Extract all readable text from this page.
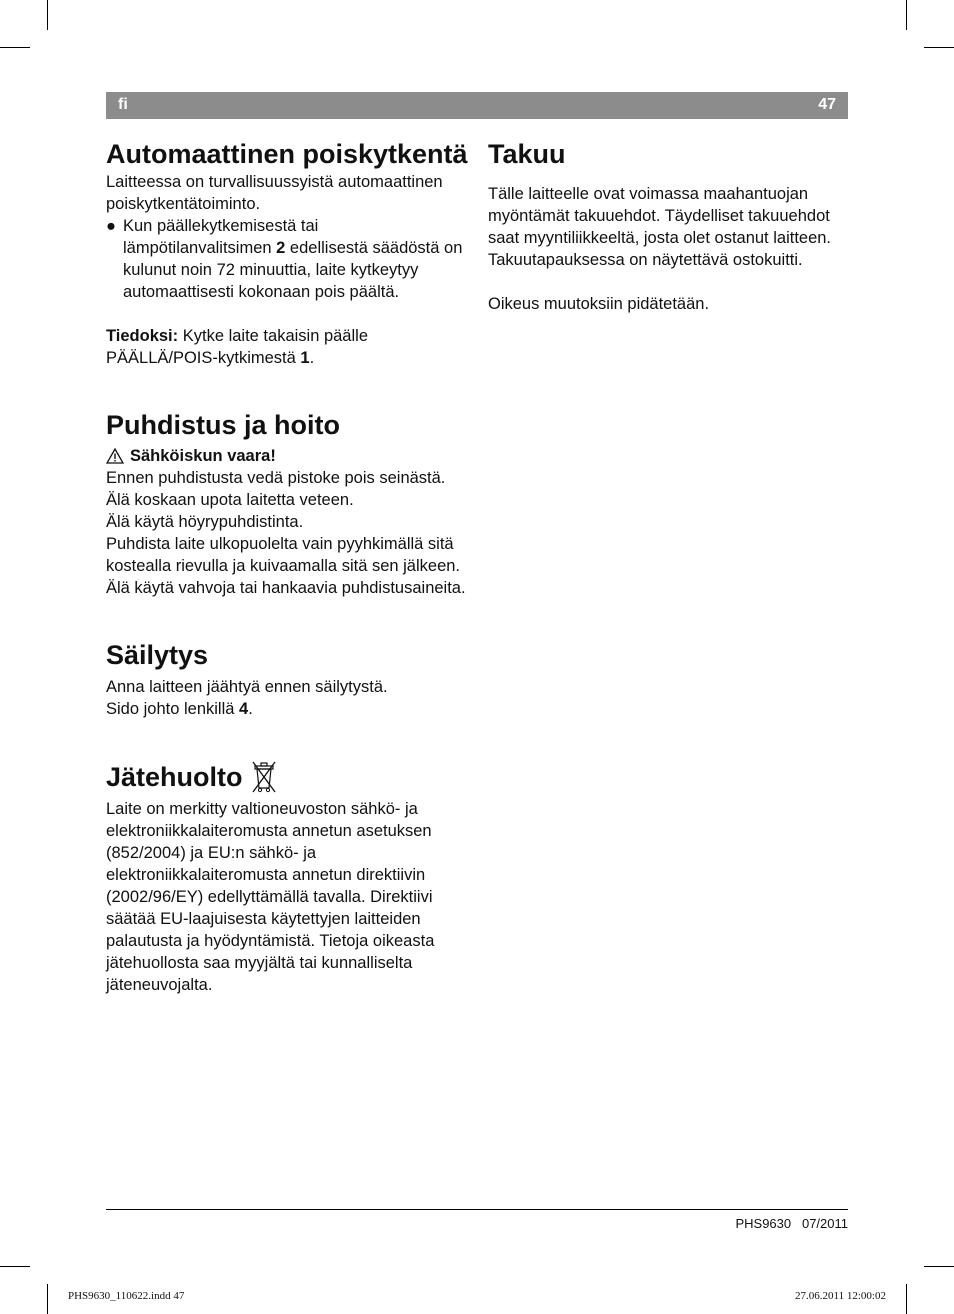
fi	47
Automaattinen poiskytkentä

Laitteessa on turvallisuussyistä automaattinen poiskytkentätoiminto.

● Kun päällekytkemisestä tai lämpötilanvalitsimen 2 edellisestä säädöstä on kulunut noin 72 minuuttia, laite kytkeytyy automaattisesti kokonaan pois päältä.

Tiedoksi: Kytke laite takaisin päälle PÄÄLLÄ/POIS-kytkimestä 1.

Puhdistus ja hoito
Sähköiskun vaara!

Ennen puhdistusta vedä pistoke pois seinästä.

Älä koskaan upota laitetta veteen.

Älä käytä höyrypuhdistinta.

Puhdista laite ulkopuolelta vain pyyhkimällä sitä kostealla rievulla ja kuivaamalla sitä sen jälkeen. Älä käytä vahvoja tai hankaavia puhdistusaineita.

Säilytys

Anna laitteen jäähtyä ennen säilytystä.

Sido johto lenkillä 4.

Jätehuolto

Laite on merkitty valtioneuvoston sähkö- ja elektroniikkalaiteromusta annetun asetuksen (852/2004) ja EU:n sähkö- ja elektroniikkalaiteromusta annetun direktiivin (2002/96/EY) edellyttämällä tavalla. Direktiivi säätää EU-laajuisesta käytettyjen laitteiden palautusta ja hyödyntämistä. Tietoja oikeasta jätehuollosta saa myyjältä tai kunnalliselta jäteneuvojalta.

Takuu

Tälle laitteelle ovat voimassa maahantuojan myöntämät takuuehdot. Täydelliset takuuehdot saat myyntiliikkeeltä, josta olet ostanut laitteen.

Takuutapauksessa on näytettävä ostokuitti.

Oikeus muutoksiin pidätetään.

PHS9630 07/2011
PHS9630_110622.indd 47	27.06.2011 12:00:02
